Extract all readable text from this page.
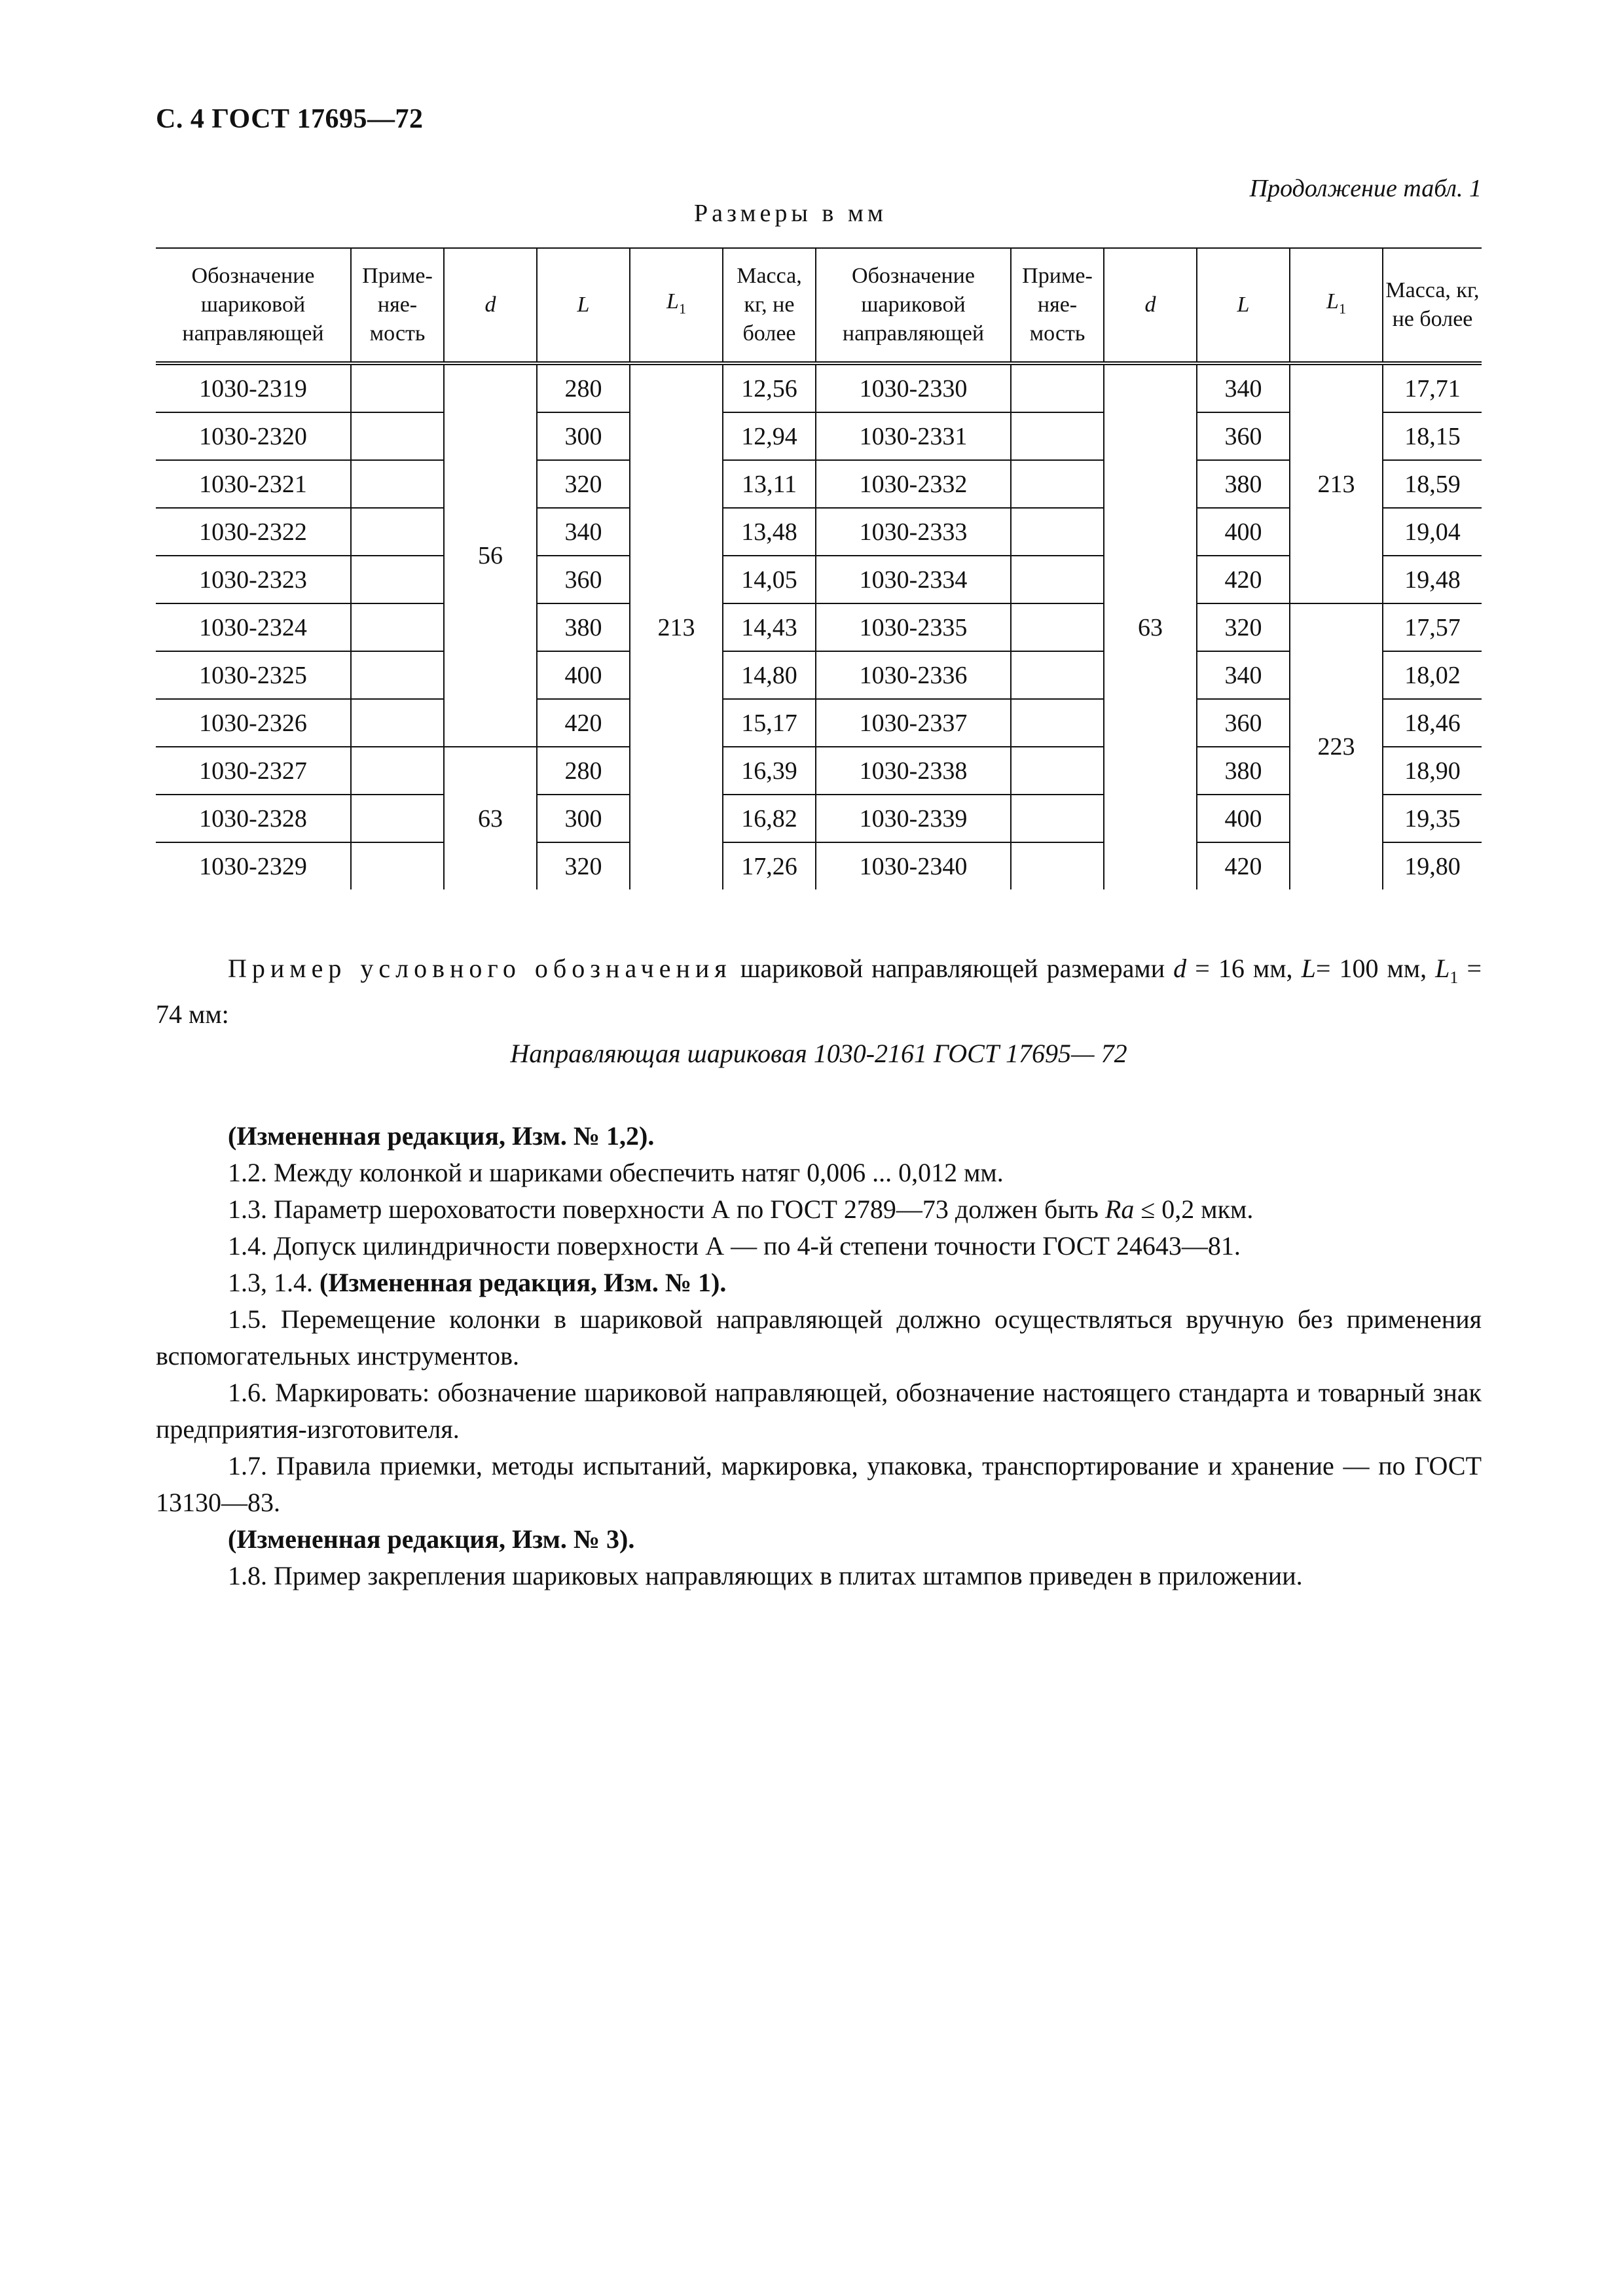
С. 4 ГОСТ 17695—72
Продолжение табл. 1
Размеры в мм
Обозначение шариковой направляющей	Приме- няе- мость	d	L	$L_1$	Масса, кг, не более	Обозначение шариковой направляющей	Приме- няе- мость	d	L	$L_1$	Масса, кг, не более
1030-2319		56	280	213	12,56	1030-2330		63	340	213	17,71
1030-2320			300		12,94	1030-2331			360		18,15
1030-2321			320		13,11	1030-2332			380		18,59
1030-2322			340		13,48	1030-2333			400		19,04
1030-2323			360		14,05	1030-2334			420		19,48
1030-2324			380		14,43	1030-2335			320	223	17,57
1030-2325			400		14,80	1030-2336			340		18,02
1030-2326			420		15,17	1030-2337			360		18,46
1030-2327		63	280		16,39	1030-2338			380		18,90
1030-2328			300		16,82	1030-2339			400		19,35
1030-2329			320		17,26	1030-2340			420		19,80
Пример условного обозначения шариковой направляющей размерами d = 16 мм, L= 100 мм, $L_1 = 74$ мм:
Направляющая шариковая 1030-2161 ГОСТ 17695— 72
(Измененная редакция, Изм. № 1,2).
1.2. Между колонкой и шариками обеспечить натяг 0,006 ... 0,012 мм.
1.3. Параметр шероховатости поверхности А по ГОСТ 2789—73 должен быть Ra ≤ 0,2 мкм.
1.4. Допуск цилиндричности поверхности А — по 4-й степени точности ГОСТ 24643—81.
1.3, 1.4. (Измененная редакция, Изм. № 1).
1.5. Перемещение колонки в шариковой направляющей должно осуществляться вручную без применения вспомогательных инструментов.
1.6. Маркировать: обозначение шариковой направляющей, обозначение настоящего стандарта и товарный знак предприятия-изготовителя.
1.7. Правила приемки, методы испытаний, маркировка, упаковка, транспортирование и хранение — по ГОСТ 13130—83.
(Измененная редакция, Изм. № 3).
1.8. Пример закрепления шариковых направляющих в плитах штампов приведен в приложении.
